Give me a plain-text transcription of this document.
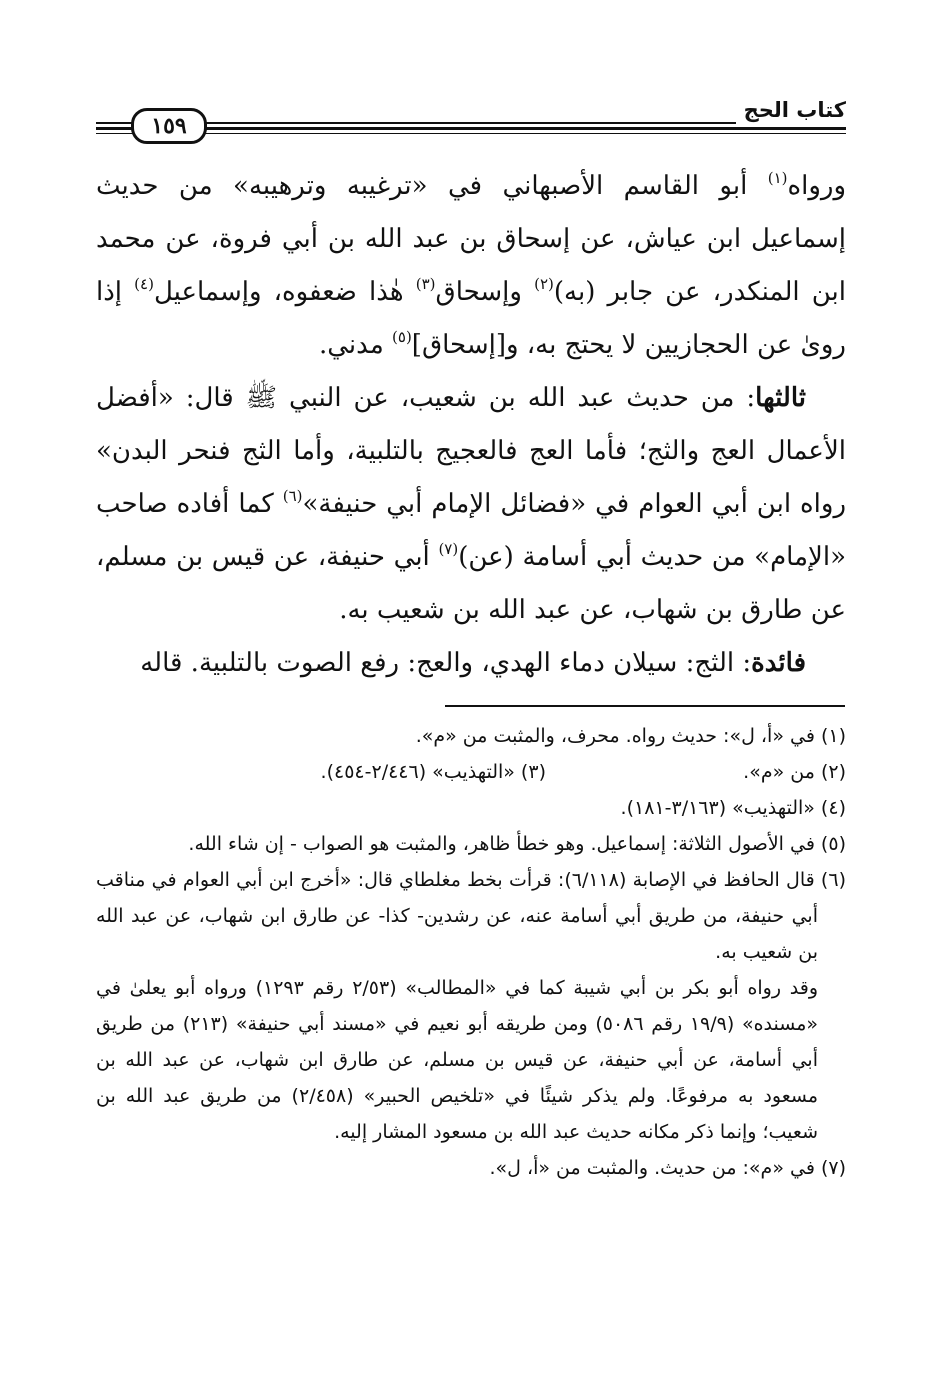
١٥٩
كتاب الحج

ورواه$^{(١)}$ أبو القاسم الأصبهاني في «ترغيبه وترهيبه» من حديث إسماعيل ابن عياش، عن إسحاق بن عبد الله بن أبي فروة، عن محمد ابن المنكدر، عن جابر (به)$^{(٢)}$ وإسحاق$^{(٣)}$ هٰذا ضعفوه، وإسماعيل$^{(٤)}$ إذا روىٰ عن الحجازيين لا يحتج به، و[إسحاق]$^{(٥)}$ مدني.

ثالثها: من حديث عبد الله بن شعيب، عن النبي ﷺ قال: «أفضل الأعمال العج والثج؛ فأما العج فالعجيج بالتلبية، وأما الثج فنحر البدن» رواه ابن أبي العوام في «فضائل الإمام أبي حنيفة»$^{(٦)}$ كما أفاده صاحب «الإمام» من حديث أبي أسامة (عن)$^{(٧)}$ أبي حنيفة، عن قيس بن مسلم، عن طارق بن شهاب، عن عبد الله بن شعيب به.

فائدة: الثج: سيلان دماء الهدي، والعج: رفع الصوت بالتلبية. قاله

(١) في «أ، ل»: حديث رواه. محرف، والمثبت من «م».

(٢) من «م».
(٣) «التهذيب» (٢/٤٤٦-٤٥٤).

(٤) «التهذيب» (٣/١٦٣-١٨١).

(٥) في الأصول الثلاثة: إسماعيل. وهو خطأ ظاهر، والمثبت هو الصواب - إن شاء الله.

(٦) قال الحافظ في الإصابة (٦/١١٨): قرأت بخط مغلطاي قال: «أخرج ابن أبي العوام في مناقب أبي حنيفة، من طريق أبي أسامة عنه، عن رشدين- كذا- عن طارق ابن شهاب، عن عبد الله بن شعيب به.

وقد رواه أبو بكر بن أبي شيبة كما في «المطالب» (٢/٥٣ رقم ١٢٩٣) ورواه أبو يعلىٰ في «مسنده» (١٩/٩ رقم ٥٠٨٦) ومن طريقه أبو نعيم في «مسند أبي حنيفة» (٢١٣) من طريق أبي أسامة، عن أبي حنيفة، عن قيس بن مسلم، عن طارق ابن شهاب، عن عبد الله بن مسعود به مرفوعًا. ولم يذكر شيئًا في «تلخيص الحبير» (٢/٤٥٨) من طريق عبد الله بن شعيب؛ وإنما ذكر مكانه حديث عبد الله بن مسعود المشار إليه.

(٧) في «م»: من حديث. والمثبت من «أ، ل».
